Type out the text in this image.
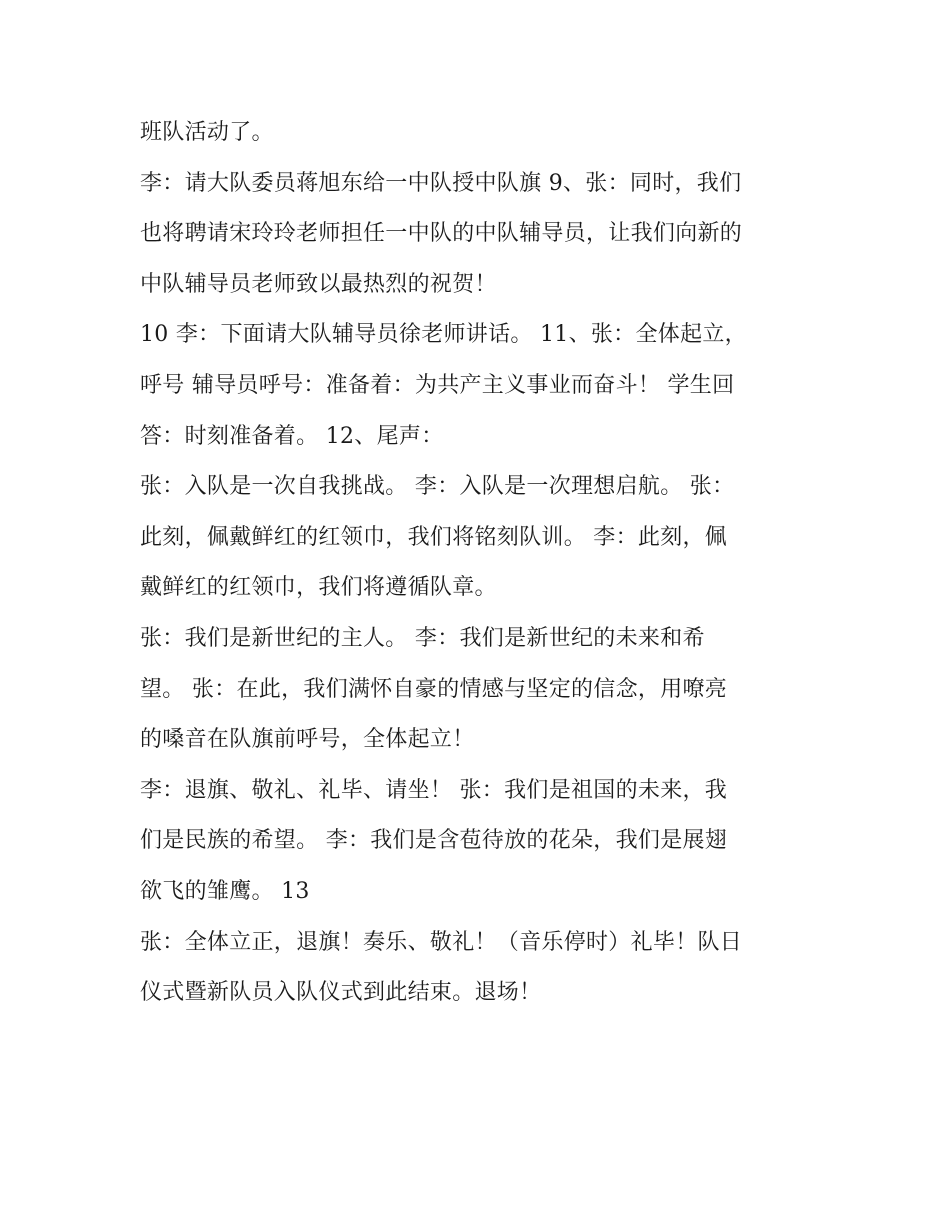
班队活动了。
李：请大队委员蒋旭东给一中队授中队旗 9、张：同时，我们
也将聘请宋玲玲老师担任一中队的中队辅导员，让我们向新的
中队辅导员老师致以最热烈的祝贺！
10 李：下面请大队辅导员徐老师讲话。 11、张：全体起立，
呼号 辅导员呼号：准备着：为共产主义事业而奋斗！ 学生回
答：时刻准备着。 12、尾声：
张：入队是一次自我挑战。 李：入队是一次理想启航。 张：
此刻，佩戴鲜红的红领巾，我们将铭刻队训。 李：此刻，佩
戴鲜红的红领巾，我们将遵循队章。
张：我们是新世纪的主人。 李：我们是新世纪的未来和希
望。 张：在此，我们满怀自豪的情感与坚定的信念，用嘹亮
的嗓音在队旗前呼号，全体起立！
李：退旗、敬礼、礼毕、请坐！ 张：我们是祖国的未来，我
们是民族的希望。 李：我们是含苞待放的花朵，我们是展翅
欲飞的雏鹰。 13
张：全体立正，退旗！奏乐、敬礼！（音乐停时）礼毕！队日
仪式暨新队员入队仪式到此结束。退场！
